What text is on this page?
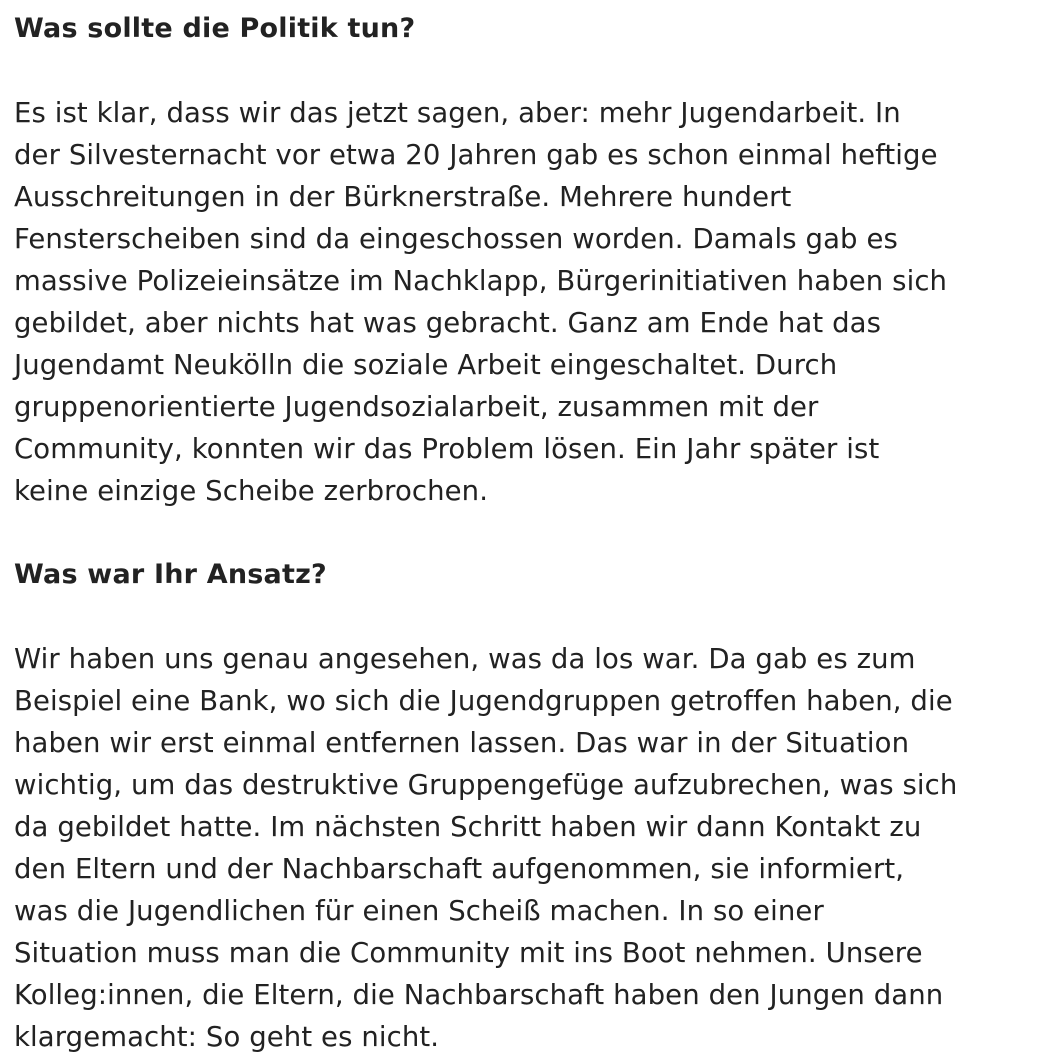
Was sollte die Politik tun?
Es ist klar, dass wir das jetzt sagen, aber: mehr Jugendarbeit. In
der Silvesternacht vor etwa 20 Jahren gab es schon einmal heftige
Ausschreitungen in der Bürknerstraße. Mehrere hundert
Fensterscheiben sind da eingeschossen worden. Damals gab es
massive Polizeieinsätze im Nachklapp, Bürgerinitiativen haben sich
gebildet, aber nichts hat was gebracht. Ganz am Ende hat das
Jugendamt Neukölln die soziale Arbeit eingeschaltet. Durch
gruppenorientierte Jugendsozialarbeit, zusammen mit der
Community, konnten wir das Problem lösen. Ein Jahr später ist
keine einzige Scheibe zerbrochen.
Was war Ihr Ansatz?
Wir haben uns genau angesehen, was da los war. Da gab es zum
Beispiel eine Bank, wo sich die Jugendgruppen getroffen haben, die
haben wir erst einmal entfernen lassen. Das war in der Situation
wichtig, um das destruktive Gruppengefüge aufzubrechen, was sich
da gebildet hatte. Im nächsten Schritt haben wir dann Kontakt zu
den Eltern und der Nachbarschaft aufgenommen, sie informiert,
was die Jugendlichen für einen Scheiß machen. In so einer
Situation muss man die Community mit ins Boot nehmen. Unsere
Kolleg:innen, die Eltern, die Nachbarschaft haben den Jungen dann
klargemacht: So geht es nicht.
